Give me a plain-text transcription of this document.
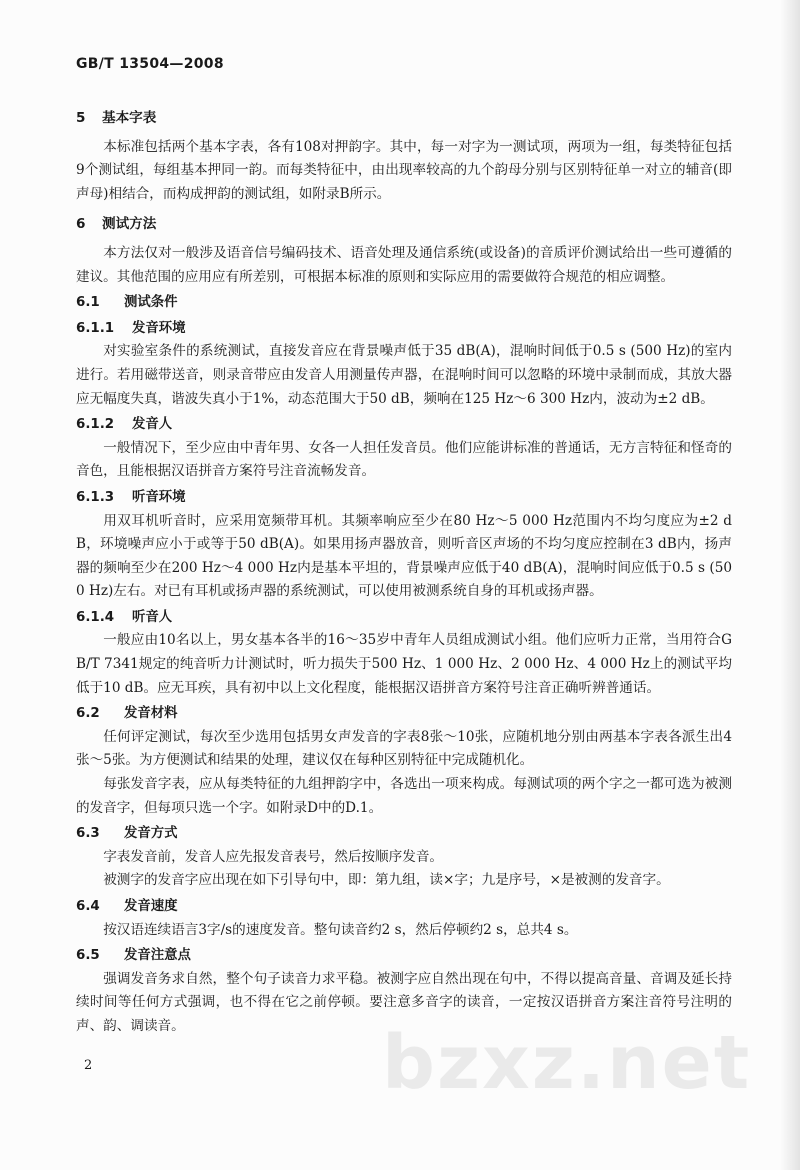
GB/T 13504—2008
5 基本字表

本标准包括两个基本字表，各有108对押韵字。其中，每一对字为一测试项，两项为一组，每类特征包括9个测试组，每组基本押同一韵。而每类特征中，由出现率较高的九个韵母分别与区别特征单一对立的辅音(即声母)相结合，而构成押韵的测试组，如附录B所示。

6 测试方法

本方法仅对一般涉及语音信号编码技术、语音处理及通信系统(或设备)的音质评价测试给出一些可遵循的建议。其他范围的应用应有所差别，可根据本标准的原则和实际应用的需要做符合规范的相应调整。

6.1 测试条件
6.1.1 发音环境

对实验室条件的系统测试，直接发音应在背景噪声低于35 dB(A)，混响时间低于0.5 s (500 Hz)的室内进行。若用磁带送音，则录音带应由发音人用测量传声器，在混响时间可以忽略的环境中录制而成，其放大器应无幅度失真，谐波失真小于1%，动态范围大于50 dB，频响在125 Hz～6 300 Hz内，波动为±2 dB。

6.1.2 发音人

一般情况下，至少应由中青年男、女各一人担任发音员。他们应能讲标准的普通话，无方言特征和怪奇的音色，且能根据汉语拼音方案符号注音流畅发音。

6.1.3 听音环境

用双耳机听音时，应采用宽频带耳机。其频率响应至少在80 Hz～5 000 Hz范围内不均匀度应为±2 dB，环境噪声应小于或等于50 dB(A)。如果用扬声器放音，则听音区声场的不均匀度应控制在3 dB内，扬声器的频响至少在200 Hz～4 000 Hz内是基本平坦的，背景噪声应低于40 dB(A)，混响时间应低于0.5 s (500 Hz)左右。对已有耳机或扬声器的系统测试，可以使用被测系统自身的耳机或扬声器。

6.1.4 听音人

一般应由10名以上，男女基本各半的16～35岁中青年人员组成测试小组。他们应听力正常，当用符合GB/T 7341规定的纯音听力计测试时，听力损失于500 Hz、1 000 Hz、2 000 Hz、4 000 Hz上的测试平均低于10 dB。应无耳疾，具有初中以上文化程度，能根据汉语拼音方案符号注音正确听辨普通话。

6.2 发音材料

任何评定测试，每次至少选用包括男女声发音的字表8张～10张，应随机地分别由两基本字表各派生出4张～5张。为方便测试和结果的处理，建议仅在每种区别特征中完成随机化。

每张发音字表，应从每类特征的九组押韵字中，各选出一项来构成。每测试项的两个字之一都可选为被测的发音字，但每项只选一个字。如附录D中的D.1。

6.3 发音方式

字表发音前，发音人应先报发音表号，然后按顺序发音。

被测字的发音字应出现在如下引导句中，即：第九组，读×字；九是序号，×是被测的发音字。

6.4 发音速度

按汉语连续语言3字/s的速度发音。整句读音约2 s，然后停顿约2 s，总共4 s。

6.5 发音注意点

强调发音务求自然，整个句子读音力求平稳。被测字应自然出现在句中，不得以提高音量、音调及延长持续时间等任何方式强调，也不得在它之前停顿。要注意多音字的读音，一定按汉语拼音方案注音符号注明的声、韵、调读音。

2	bzxz.net
